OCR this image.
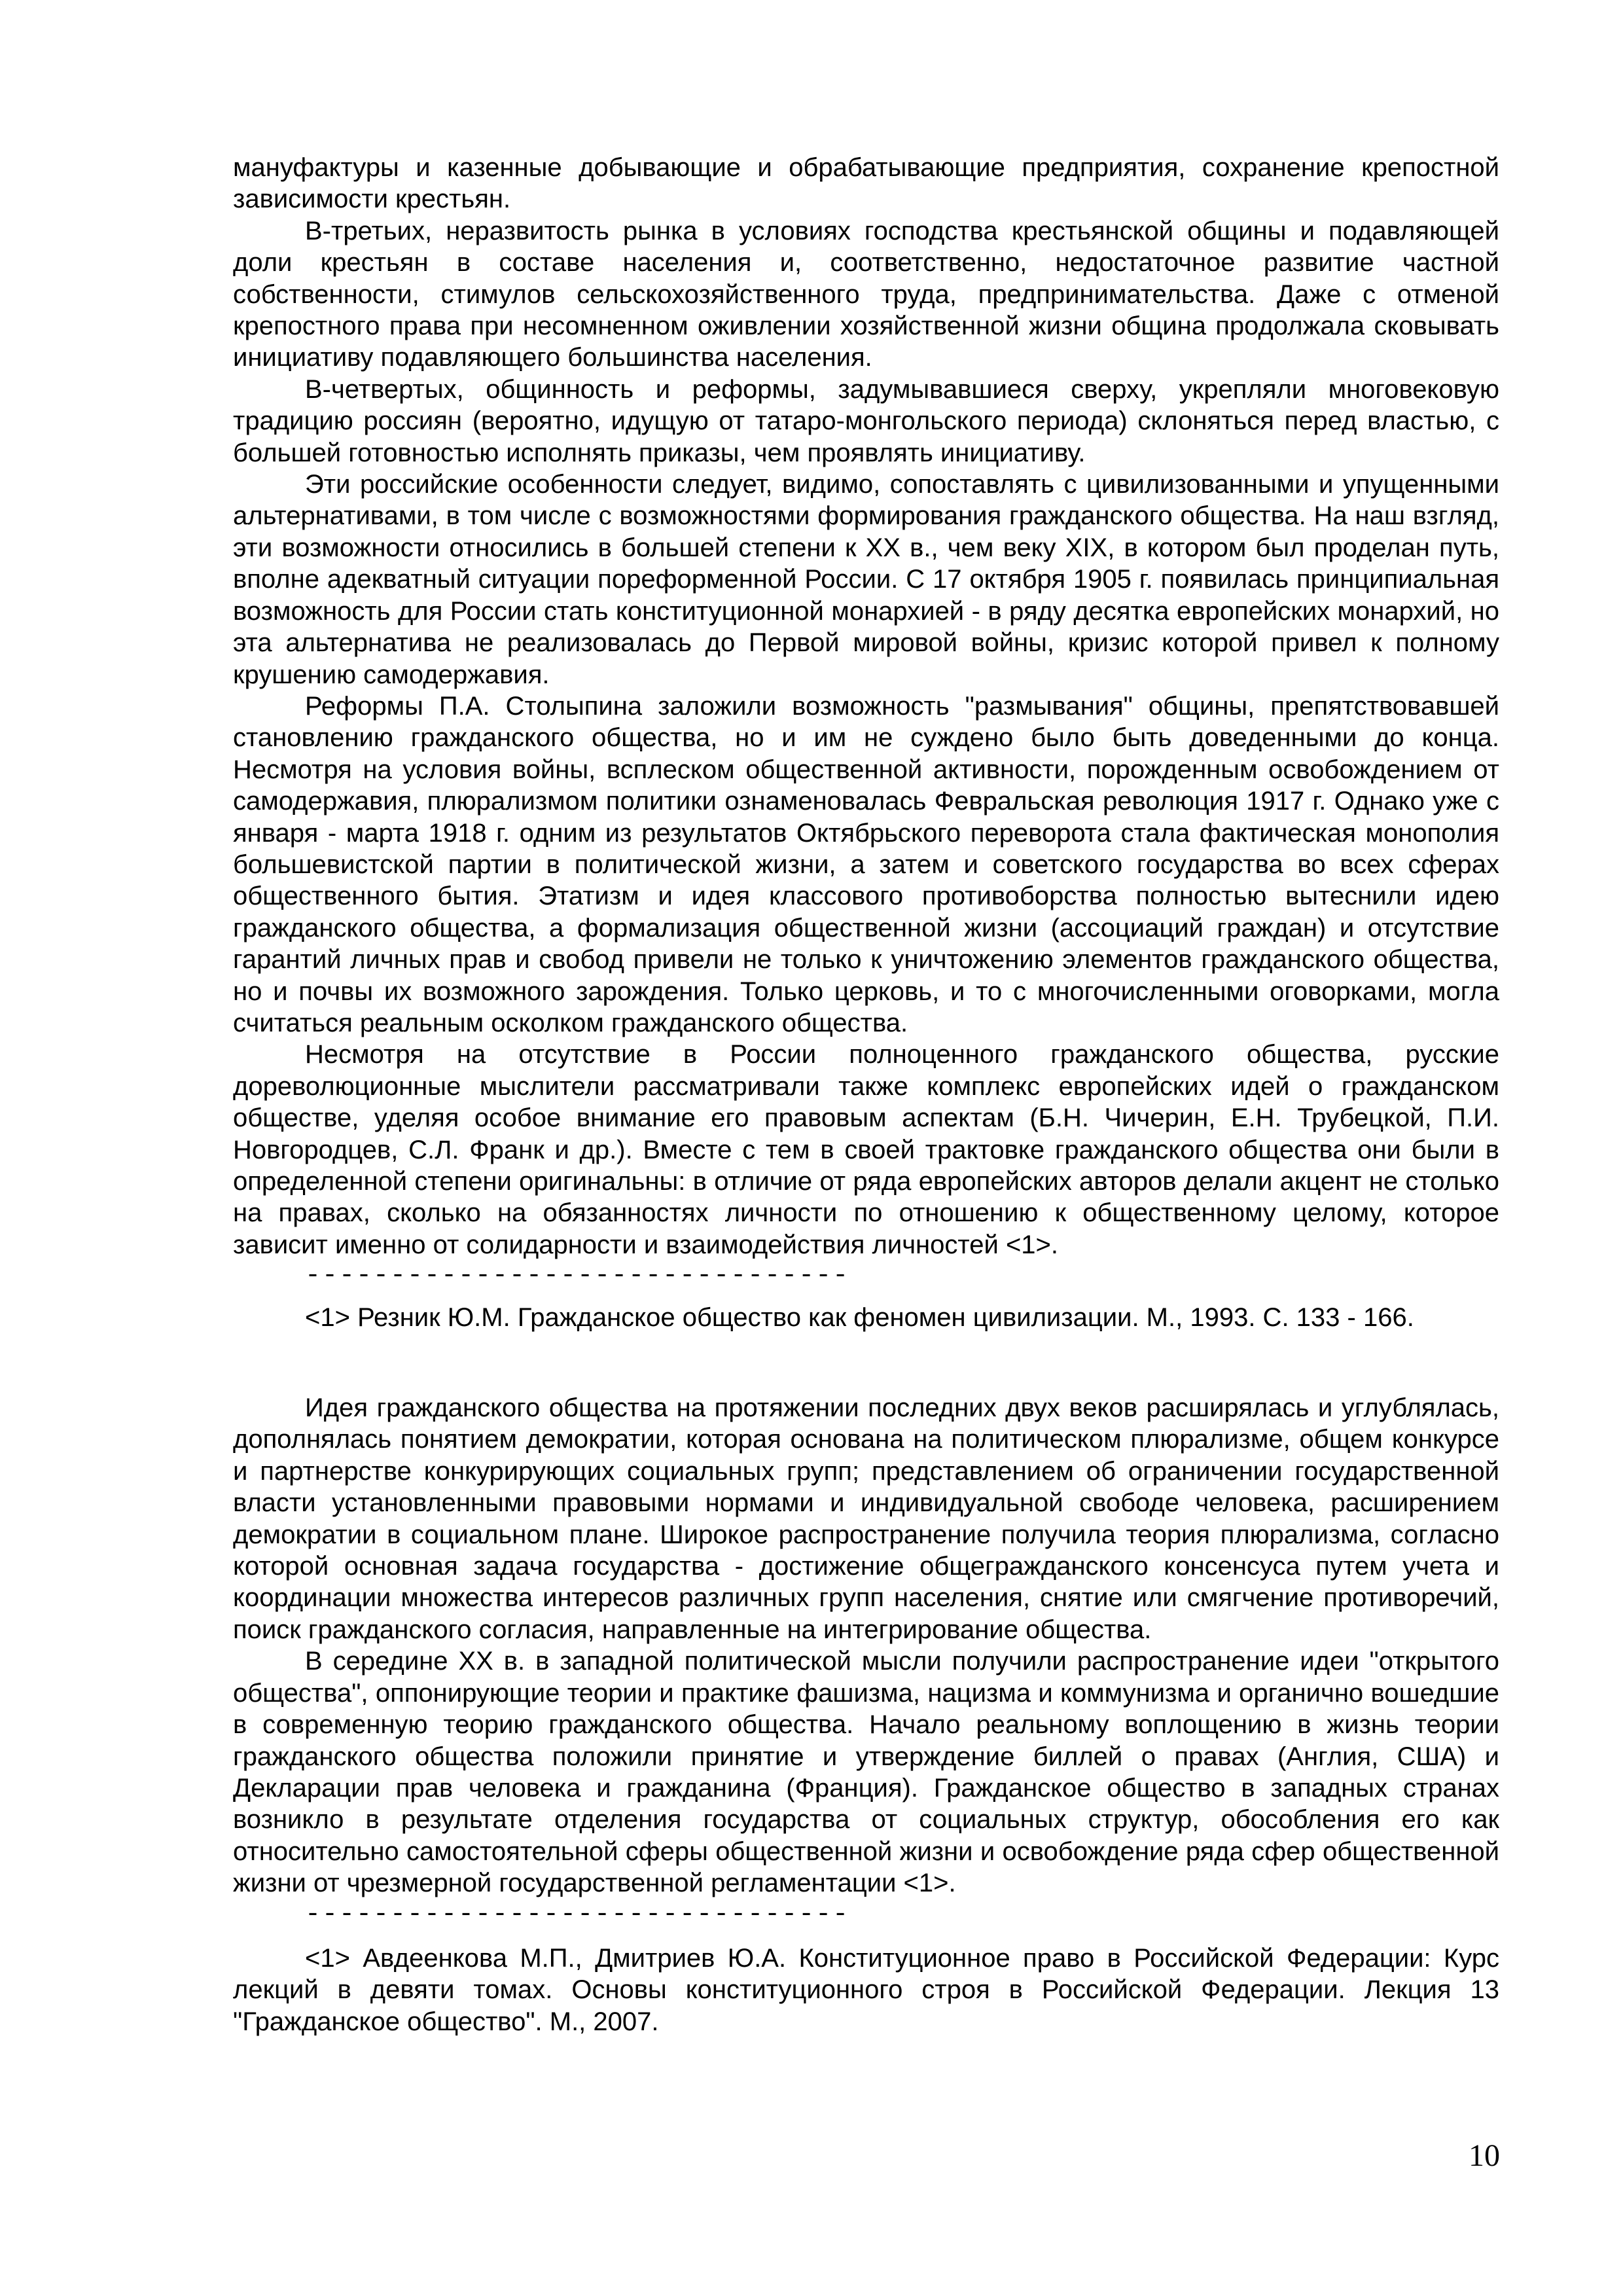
мануфактуры и казенные добывающие и обрабатывающие предприятия, сохранение крепостной зависимости крестьян.

В-третьих, неразвитость рынка в условиях господства крестьянской общины и подавляющей доли крестьян в составе населения и, соответственно, недостаточное развитие частной собственности, стимулов сельскохозяйственного труда, предпринимательства. Даже с отменой крепостного права при несомненном оживлении хозяйственной жизни община продолжала сковывать инициативу подавляющего большинства населения.

В-четвертых, общинность и реформы, задумывавшиеся сверху, укрепляли многовековую традицию россиян (вероятно, идущую от татаро-монгольского периода) склоняться перед властью, с большей готовностью исполнять приказы, чем проявлять инициативу.

Эти российские особенности следует, видимо, сопоставлять с цивилизованными и упущенными альтернативами, в том числе с возможностями формирования гражданского общества. На наш взгляд, эти возможности относились в большей степени к XX в., чем веку XIX, в котором был проделан путь, вполне адекватный ситуации пореформенной России. С 17 октября 1905 г. появилась принципиальная возможность для России стать конституционной монархией - в ряду десятка европейских монархий, но эта альтернатива не реализовалась до Первой мировой войны, кризис которой привел к полному крушению самодержавия.

Реформы П.А. Столыпина заложили возможность "размывания" общины, препятствовавшей становлению гражданского общества, но и им не суждено было быть доведенными до конца. Несмотря на условия войны, всплеском общественной активности, порожденным освобождением от самодержавия, плюрализмом политики ознаменовалась Февральская революция 1917 г. Однако уже с января - марта 1918 г. одним из результатов Октябрьского переворота стала фактическая монополия большевистской партии в политической жизни, а затем и советского государства во всех сферах общественного бытия. Этатизм и идея классового противоборства полностью вытеснили идею гражданского общества, а формализация общественной жизни (ассоциаций граждан) и отсутствие гарантий личных прав и свобод привели не только к уничтожению элементов гражданского общества, но и почвы их возможного зарождения. Только церковь, и то с многочисленными оговорками, могла считаться реальным осколком гражданского общества.

Несмотря на отсутствие в России полноценного гражданского общества, русские дореволюционные мыслители рассматривали также комплекс европейских идей о гражданском обществе, уделяя особое внимание его правовым аспектам (Б.Н. Чичерин, Е.Н. Трубецкой, П.И. Новгородцев, С.Л. Франк и др.). Вместе с тем в своей трактовке гражданского общества они были в определенной степени оригинальны: в отличие от ряда европейских авторов делали акцент не столько на правах, сколько на обязанностях личности по отношению к общественному целому, которое зависит именно от солидарности и взаимодействия личностей <1>.

--------------------------------

<1> Резник Ю.М. Гражданское общество как феномен цивилизации. М., 1993. С. 133 - 166.

Идея гражданского общества на протяжении последних двух веков расширялась и углублялась, дополнялась понятием демократии, которая основана на политическом плюрализме, общем конкурсе и партнерстве конкурирующих социальных групп; представлением об ограничении государственной власти установленными правовыми нормами и индивидуальной свободе человека, расширением демократии в социальном плане. Широкое распространение получила теория плюрализма, согласно которой основная задача государства - достижение общегражданского консенсуса путем учета и координации множества интересов различных групп населения, снятие или смягчение противоречий, поиск гражданского согласия, направленные на интегрирование общества.

В середине XX в. в западной политической мысли получили распространение идеи "открытого общества", оппонирующие теории и практике фашизма, нацизма и коммунизма и органично вошедшие в современную теорию гражданского общества. Начало реальному воплощению в жизнь теории гражданского общества положили принятие и утверждение биллей о правах (Англия, США) и Декларации прав человека и гражданина (Франция). Гражданское общество в западных странах возникло в результате отделения государства от социальных структур, обособления его как относительно самостоятельной сферы общественной жизни и освобождение ряда сфер общественной жизни от чрезмерной государственной регламентации <1>.

--------------------------------

<1> Авдеенкова М.П., Дмитриев Ю.А. Конституционное право в Российской Федерации: Курс лекций в девяти томах. Основы конституционного строя в Российской Федерации. Лекция 13 "Гражданское общество". М., 2007.

10
